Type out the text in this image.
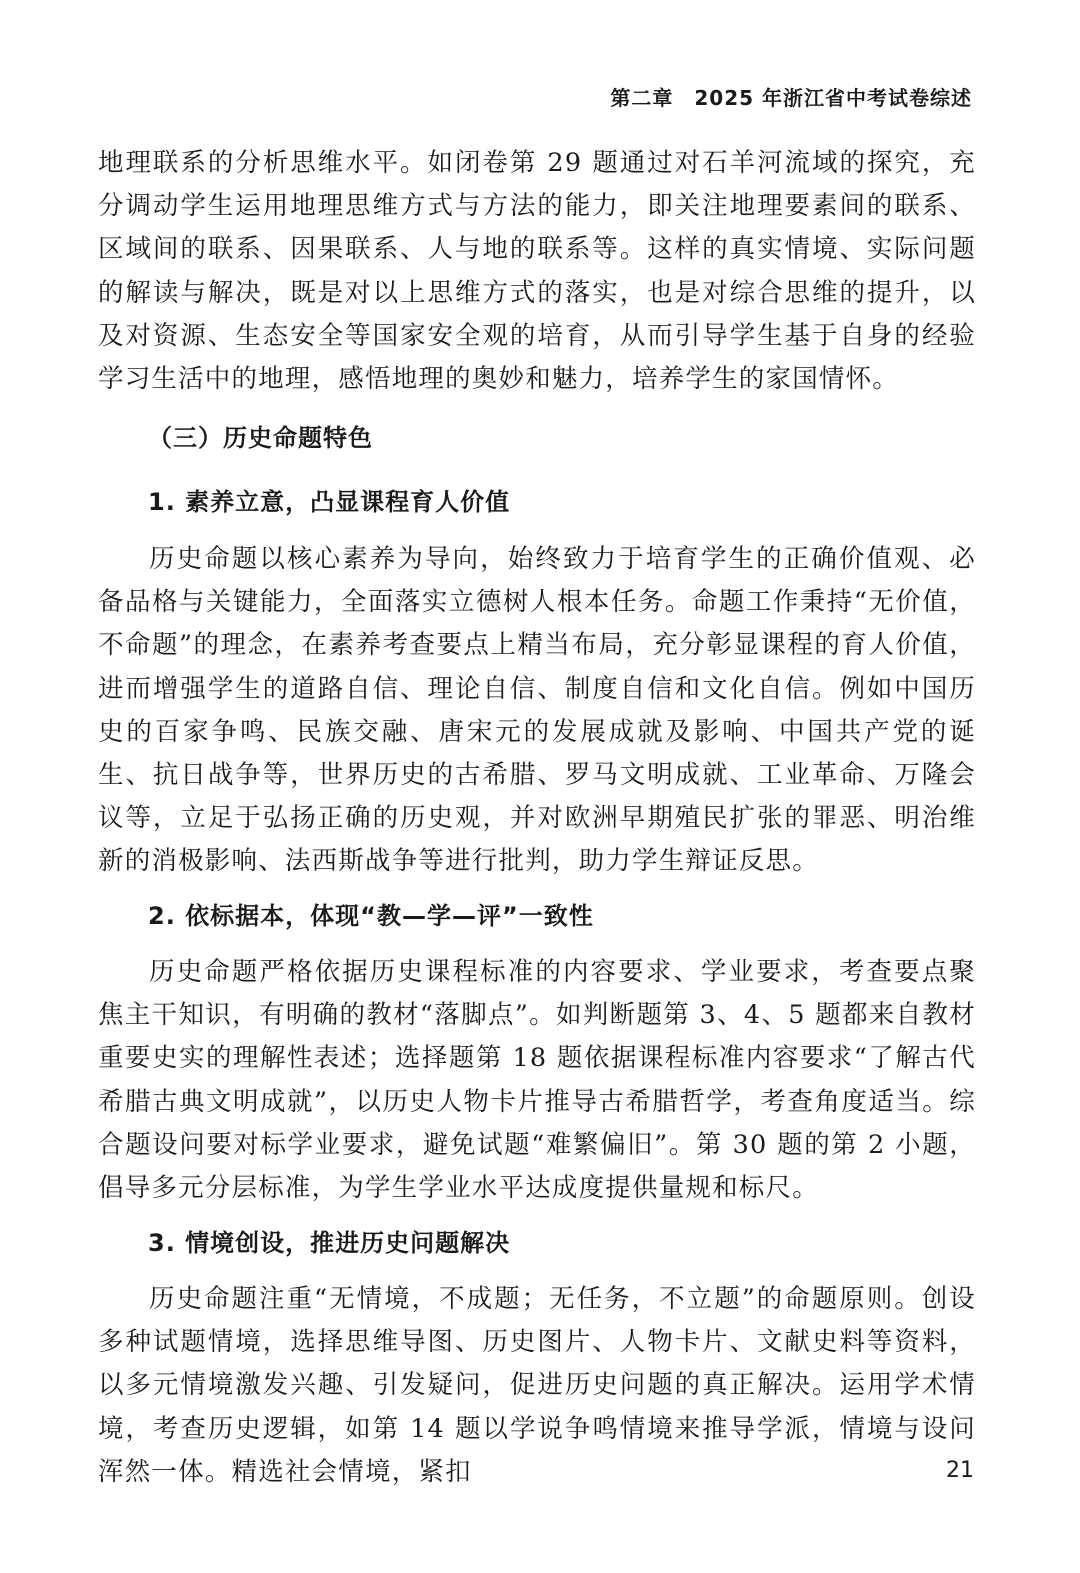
第二章　2025 年浙江省中考试卷综述

地理联系的分析思维水平。如闭卷第 29 题通过对石羊河流域的探究，充分调动学生运用地理思维方式与方法的能力，即关注地理要素间的联系、区域间的联系、因果联系、人与地的联系等。这样的真实情境、实际问题的解读与解决，既是对以上思维方式的落实，也是对综合思维的提升，以及对资源、生态安全等国家安全观的培育，从而引导学生基于自身的经验学习生活中的地理，感悟地理的奥妙和魅力，培养学生的家国情怀。

（三）历史命题特色
1. 素养立意，凸显课程育人价值

历史命题以核心素养为导向，始终致力于培育学生的正确价值观、必备品格与关键能力，全面落实立德树人根本任务。命题工作秉持“无价值，不命题”的理念，在素养考查要点上精当布局，充分彰显课程的育人价值，进而增强学生的道路自信、理论自信、制度自信和文化自信。例如中国历史的百家争鸣、民族交融、唐宋元的发展成就及影响、中国共产党的诞生、抗日战争等，世界历史的古希腊、罗马文明成就、工业革命、万隆会议等，立足于弘扬正确的历史观，并对欧洲早期殖民扩张的罪恶、明治维新的消极影响、法西斯战争等进行批判，助力学生辩证反思。

2. 依标据本，体现“教—学—评”一致性

历史命题严格依据历史课程标准的内容要求、学业要求，考查要点聚焦主干知识，有明确的教材“落脚点”。如判断题第 3、4、5 题都来自教材重要史实的理解性表述；选择题第 18 题依据课程标准内容要求“了解古代希腊古典文明成就”，以历史人物卡片推导古希腊哲学，考查角度适当。综合题设问要对标学业要求，避免试题“难繁偏旧”。第 30 题的第 2 小题，倡导多元分层标准，为学生学业水平达成度提供量规和标尺。

3. 情境创设，推进历史问题解决

历史命题注重“无情境，不成题；无任务，不立题”的命题原则。创设多种试题情境，选择思维导图、历史图片、人物卡片、文献史料等资料，以多元情境激发兴趣、引发疑问，促进历史问题的真正解决。运用学术情境，考查历史逻辑，如第 14 题以学说争鸣情境来推导学派，情境与设问浑然一体。精选社会情境，紧扣	21
